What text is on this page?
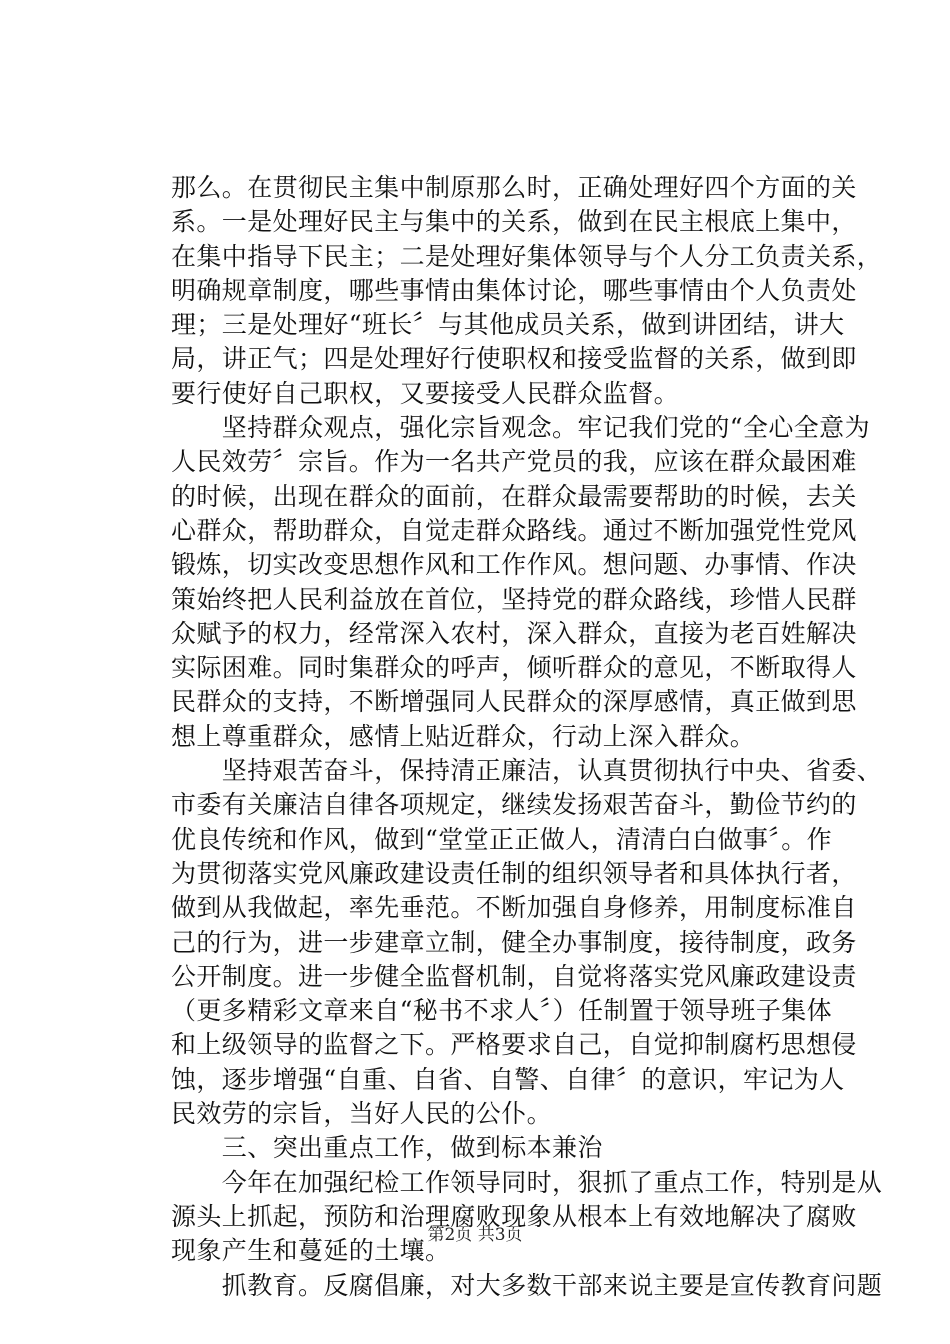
那么。在贯彻民主集中制原那么时，正确处理好四个方面的关
系。一是处理好民主与集中的关系，做到在民主根底上集中，
在集中指导下民主；二是处理好集体领导与个人分工负责关系，
明确规章制度，哪些事情由集体讨论，哪些事情由个人负责处
理；三是处理好“班长〞与其他成员关系，做到讲团结，讲大
局，讲正气；四是处理好行使职权和接受监督的关系，做到即
要行使好自己职权，又要接受人民群众监督。
　　坚持群众观点，强化宗旨观念。牢记我们党的“全心全意为
人民效劳〞宗旨。作为一名共产党员的我，应该在群众最困难
的时候，出现在群众的面前，在群众最需要帮助的时候，去关
心群众，帮助群众，自觉走群众路线。通过不断加强党性党风
锻炼，切实改变思想作风和工作作风。想问题、办事情、作决
策始终把人民利益放在首位，坚持党的群众路线，珍惜人民群
众赋予的权力，经常深入农村，深入群众，直接为老百姓解决
实际困难。同时集群众的呼声，倾听群众的意见，不断取得人
民群众的支持，不断增强同人民群众的深厚感情，真正做到思
想上尊重群众，感情上贴近群众，行动上深入群众。
　　坚持艰苦奋斗，保持清正廉洁，认真贯彻执行中央、省委、
市委有关廉洁自律各项规定，继续发扬艰苦奋斗，勤俭节约的
优良传统和作风，做到“堂堂正正做人，清清白白做事〞。作
为贯彻落实党风廉政建设责任制的组织领导者和具体执行者，
做到从我做起，率先垂范。不断加强自身修养，用制度标准自
己的行为，进一步建章立制，健全办事制度，接待制度，政务
公开制度。进一步健全监督机制，自觉将落实党风廉政建设责
（更多精彩文章来自“秘书不求人〞）任制置于领导班子集体
和上级领导的监督之下。严格要求自己，自觉抑制腐朽思想侵
蚀，逐步增强“自重、自省、自警、自律〞的意识，牢记为人
民效劳的宗旨，当好人民的公仆。
　　三、突出重点工作，做到标本兼治
　　今年在加强纪检工作领导同时，狠抓了重点工作，特别是从
源头上抓起，预防和治理腐败现象从根本上有效地解决了腐败
现象产生和蔓延的土壤。
　　抓教育。反腐倡廉，对大多数干部来说主要是宣传教育问题
第2页 共3页
